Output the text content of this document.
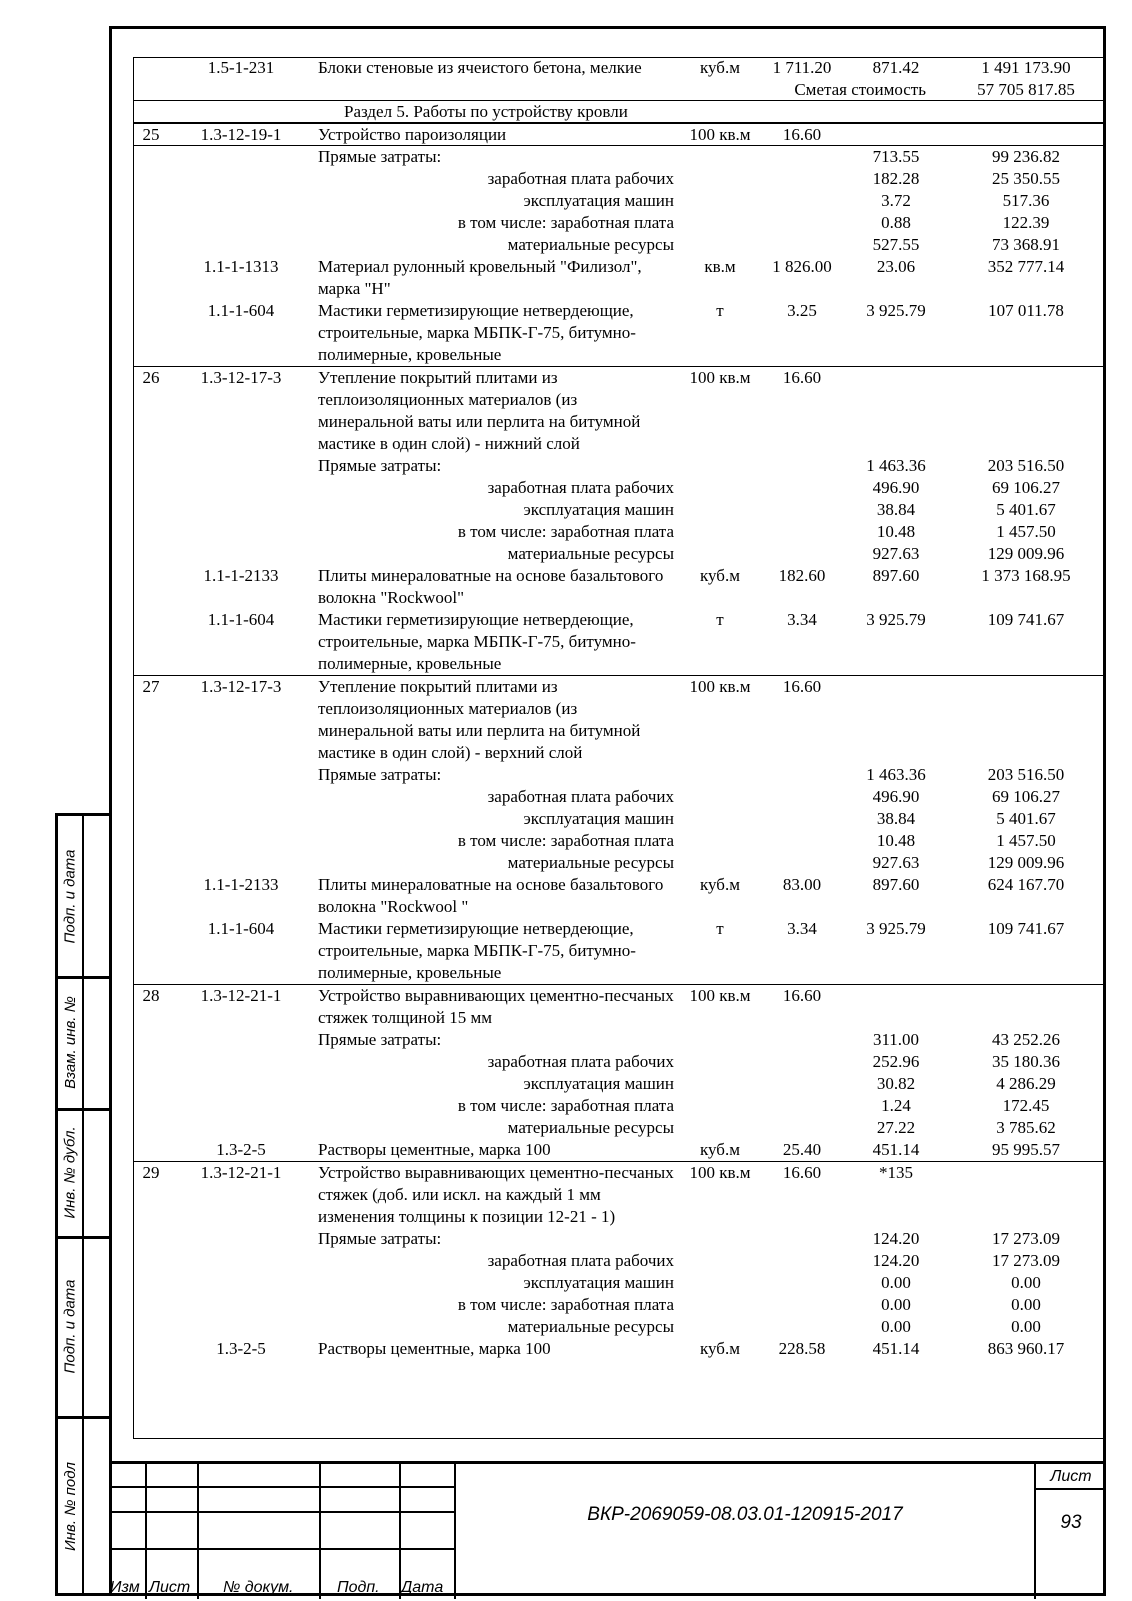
	1.5-1-231	Блоки стеновые из ячеистого бетона, мелкие	куб.м	1 711.20	871.42	1 491 173.90
Сметая стоимость						57 705 817.85
Раздел 5. Работы по устройству кровли						
25	1.3-12-19-1	Устройство пароизоляции	100 кв.м	16.60		
		Прямые затраты:			713.55	99 236.82
		заработная плата рабочих			182.28	25 350.55
		эксплуатация машин			3.72	517.36
		в том числе: заработная плата			0.88	122.39
		материальные ресурсы			527.55	73 368.91
	1.1-1-1313	Материал рулонный кровельный "Филизол", марка "Н"	кв.м	1 826.00	23.06	352 777.14
	1.1-1-604	Мастики герметизирующие нетвердеющие, строительные, марка МБПК-Г-75, битумно-полимерные, кровельные	т	3.25	3 925.79	107 011.78
26	1.3-12-17-3	Утепление покрытий плитами из теплоизоляционных материалов (из минеральной ваты или перлита на битумной мастике в один слой) - нижний слой	100 кв.м	16.60		
		Прямые затраты:			1 463.36	203 516.50
		заработная плата рабочих			496.90	69 106.27
		эксплуатация машин			38.84	5 401.67
		в том числе: заработная плата			10.48	1 457.50
		материальные ресурсы			927.63	129 009.96
	1.1-1-2133	Плиты минераловатные на основе базальтового волокна "Rockwool"	куб.м	182.60	897.60	1 373 168.95
	1.1-1-604	Мастики герметизирующие нетвердеющие, строительные, марка МБПК-Г-75, битумно-полимерные, кровельные	т	3.34	3 925.79	109 741.67
27	1.3-12-17-3	Утепление покрытий плитами из теплоизоляционных материалов (из минеральной ваты или перлита на битумной мастике в один слой) - верхний слой	100 кв.м	16.60		
		Прямые затраты:			1 463.36	203 516.50
		заработная плата рабочих			496.90	69 106.27
		эксплуатация машин			38.84	5 401.67
		в том числе: заработная плата			10.48	1 457.50
		материальные ресурсы			927.63	129 009.96
	1.1-1-2133	Плиты минераловатные на основе базальтового волокна "Rockwool "	куб.м	83.00	897.60	624 167.70
	1.1-1-604	Мастики герметизирующие нетвердеющие, строительные, марка МБПК-Г-75, битумно-полимерные, кровельные	т	3.34	3 925.79	109 741.67
28	1.3-12-21-1	Устройство выравнивающих цементно-песчаных стяжек толщиной 15 мм	100 кв.м	16.60		
		Прямые затраты:			311.00	43 252.26
		заработная плата рабочих			252.96	35 180.36
		эксплуатация машин			30.82	4 286.29
		в том числе: заработная плата			1.24	172.45
		материальные ресурсы			27.22	3 785.62
	1.3-2-5	Растворы цементные, марка 100	куб.м	25.40	451.14	95 995.57
29	1.3-12-21-1	Устройство выравнивающих цементно-песчаных стяжек (доб. или искл. на каждый 1 мм изменения толщины к позиции 12-21 - 1)	100 кв.м	16.60	*135	
		Прямые затраты:			124.20	17 273.09
		заработная плата рабочих			124.20	17 273.09
		эксплуатация машин			0.00	0.00
		в том числе: заработная плата			0.00	0.00
		материальные ресурсы			0.00	0.00
	1.3-2-5	Растворы цементные, марка 100	куб.м	228.58	451.14	863 960.17
Подп. и дата
Взам. инв. №
Инв. № дубл.
Подп. и дата
Инв. № подл
Изм Лист № докум.	Подп. Дата
ВКР-2069059-08.03.01-120915-2017
Лист
93
